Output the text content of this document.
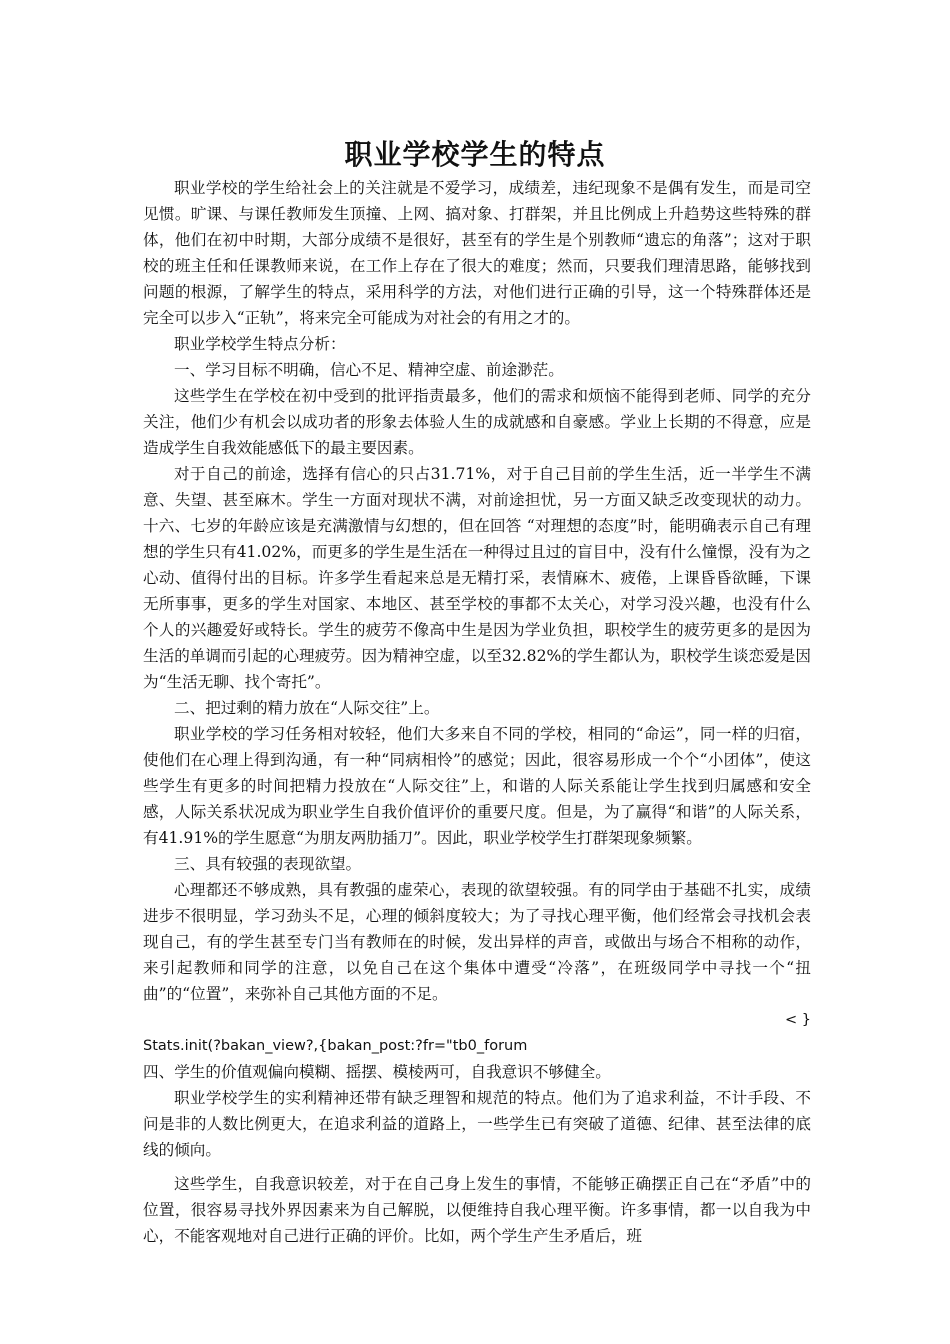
职业学校学生的特点

职业学校的学生给社会上的关注就是不爱学习，成绩差，违纪现象不是偶有发生，而是司空见惯。旷课、与课任教师发生顶撞、上网、搞对象、打群架，并且比例成上升趋势这些特殊的群体，他们在初中时期，大部分成绩不是很好，甚至有的学生是个别教师“遗忘的角落”；这对于职校的班主任和任课教师来说，在工作上存在了很大的难度；然而，只要我们理清思路，能够找到问题的根源，了解学生的特点，采用科学的方法，对他们进行正确的引导，这一个特殊群体还是完全可以步入“正轨”，将来完全可能成为对社会的有用之才的。

职业学校学生特点分析：

一、学习目标不明确，信心不足、精神空虚、前途渺茫。

这些学生在学校在初中受到的批评指责最多，他们的需求和烦恼不能得到老师、同学的充分关注，他们少有机会以成功者的形象去体验人生的成就感和自豪感。学业上长期的不得意，应是造成学生自我效能感低下的最主要因素。

对于自己的前途，选择有信心的只占31.71%，对于自己目前的学生生活，近一半学生不满意、失望、甚至麻木。学生一方面对现状不满，对前途担忧，另一方面又缺乏改变现状的动力。十六、七岁的年龄应该是充满激情与幻想的，但在回答 “对理想的态度”时，能明确表示自己有理想的学生只有41.02%，而更多的学生是生活在一种得过且过的盲目中，没有什么憧憬，没有为之心动、值得付出的目标。许多学生看起来总是无精打采，表情麻木、疲倦，上课昏昏欲睡，下课无所事事，更多的学生对国家、本地区、甚至学校的事都不太关心，对学习没兴趣，也没有什么个人的兴趣爱好或特长。学生的疲劳不像高中生是因为学业负担，职校学生的疲劳更多的是因为生活的单调而引起的心理疲劳。因为精神空虚，以至32.82%的学生都认为，职校学生谈恋爱是因为“生活无聊、找个寄托”。

二、把过剩的精力放在“人际交往”上。

职业学校的学习任务相对较轻，他们大多来自不同的学校，相同的“命运”，同一样的归宿，使他们在心理上得到沟通，有一种“同病相怜”的感觉；因此，很容易形成一个个“小团体”，使这些学生有更多的时间把精力投放在“人际交往”上，和谐的人际关系能让学生找到归属感和安全感，人际关系状况成为职业学生自我价值评价的重要尺度。但是，为了赢得“和谐”的人际关系，有41.91%的学生愿意“为朋友两肋插刀”。因此，职业学校学生打群架现象频繁。

三、具有较强的表现欲望。

心理都还不够成熟，具有教强的虚荣心，表现的欲望较强。有的同学由于基础不扎实，成绩进步不很明显，学习劲头不足，心理的倾斜度较大；为了寻找心理平衡，他们经常会寻找机会表现自己，有的学生甚至专门当有教师在的时候，发出异样的声音，或做出与场合不相称的动作，来引起教师和同学的注意，以免自己在这个集体中遭受“冷落”，在班级同学中寻找一个“扭曲”的“位置”，来弥补自己其他方面的不足。

< }

Stats.init(?bakan_view?,{bakan_post:?fr="tb0_forum

四、学生的价值观偏向模糊、摇摆、模棱两可，自我意识不够健全。

职业学校学生的实利精神还带有缺乏理智和规范的特点。他们为了追求利益，不计手段、不问是非的人数比例更大，在追求利益的道路上，一些学生已有突破了道德、纪律、甚至法律的底线的倾向。

这些学生，自我意识较差，对于在自己身上发生的事情，不能够正确摆正自己在“矛盾”中的位置，很容易寻找外界因素来为自己解脱，以便维持自我心理平衡。许多事情，都一以自我为中心，不能客观地对自己进行正确的评价。比如，两个学生产生矛盾后，班
